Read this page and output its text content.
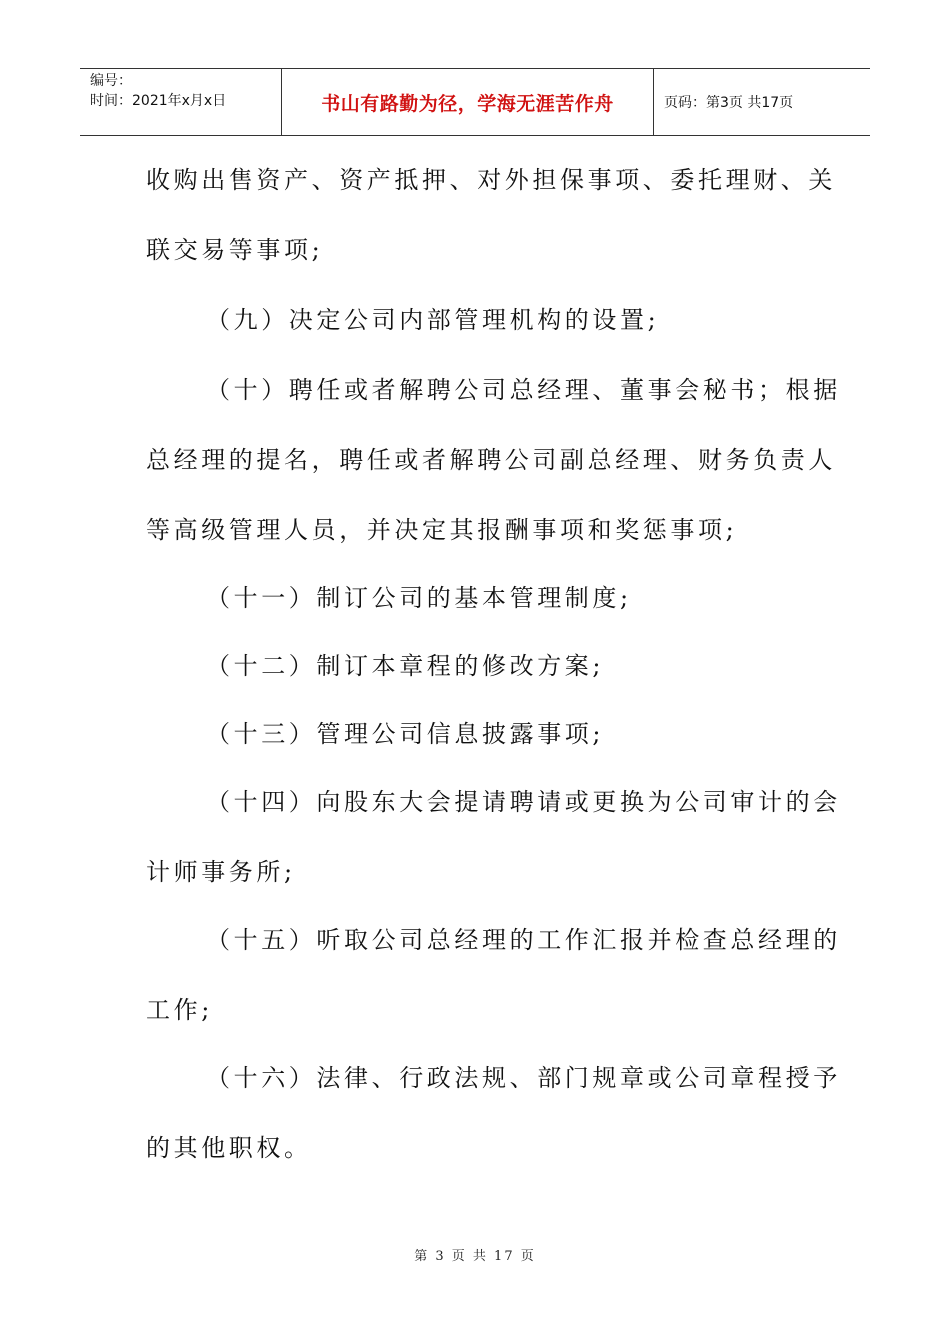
编号：
时间：2021年x月x日	书山有路勤为径，学海无涯苦作舟	页码：第3页 共17页
收购出售资产、资产抵押、对外担保事项、委托理财、关
联交易等事项;
（九）决定公司内部管理机构的设置;
（十）聘任或者解聘公司总经理、董事会秘书；根据
总经理的提名，聘任或者解聘公司副总经理、财务负责人
等高级管理人员，并决定其报酬事项和奖惩事项;
（十一）制订公司的基本管理制度;
（十二）制订本章程的修改方案;
（十三）管理公司信息披露事项;
（十四）向股东大会提请聘请或更换为公司审计的会
计师事务所;
（十五）听取公司总经理的工作汇报并检查总经理的
工作;
（十六）法律、行政法规、部门规章或公司章程授予
的其他职权。
第 3 页 共 17 页
